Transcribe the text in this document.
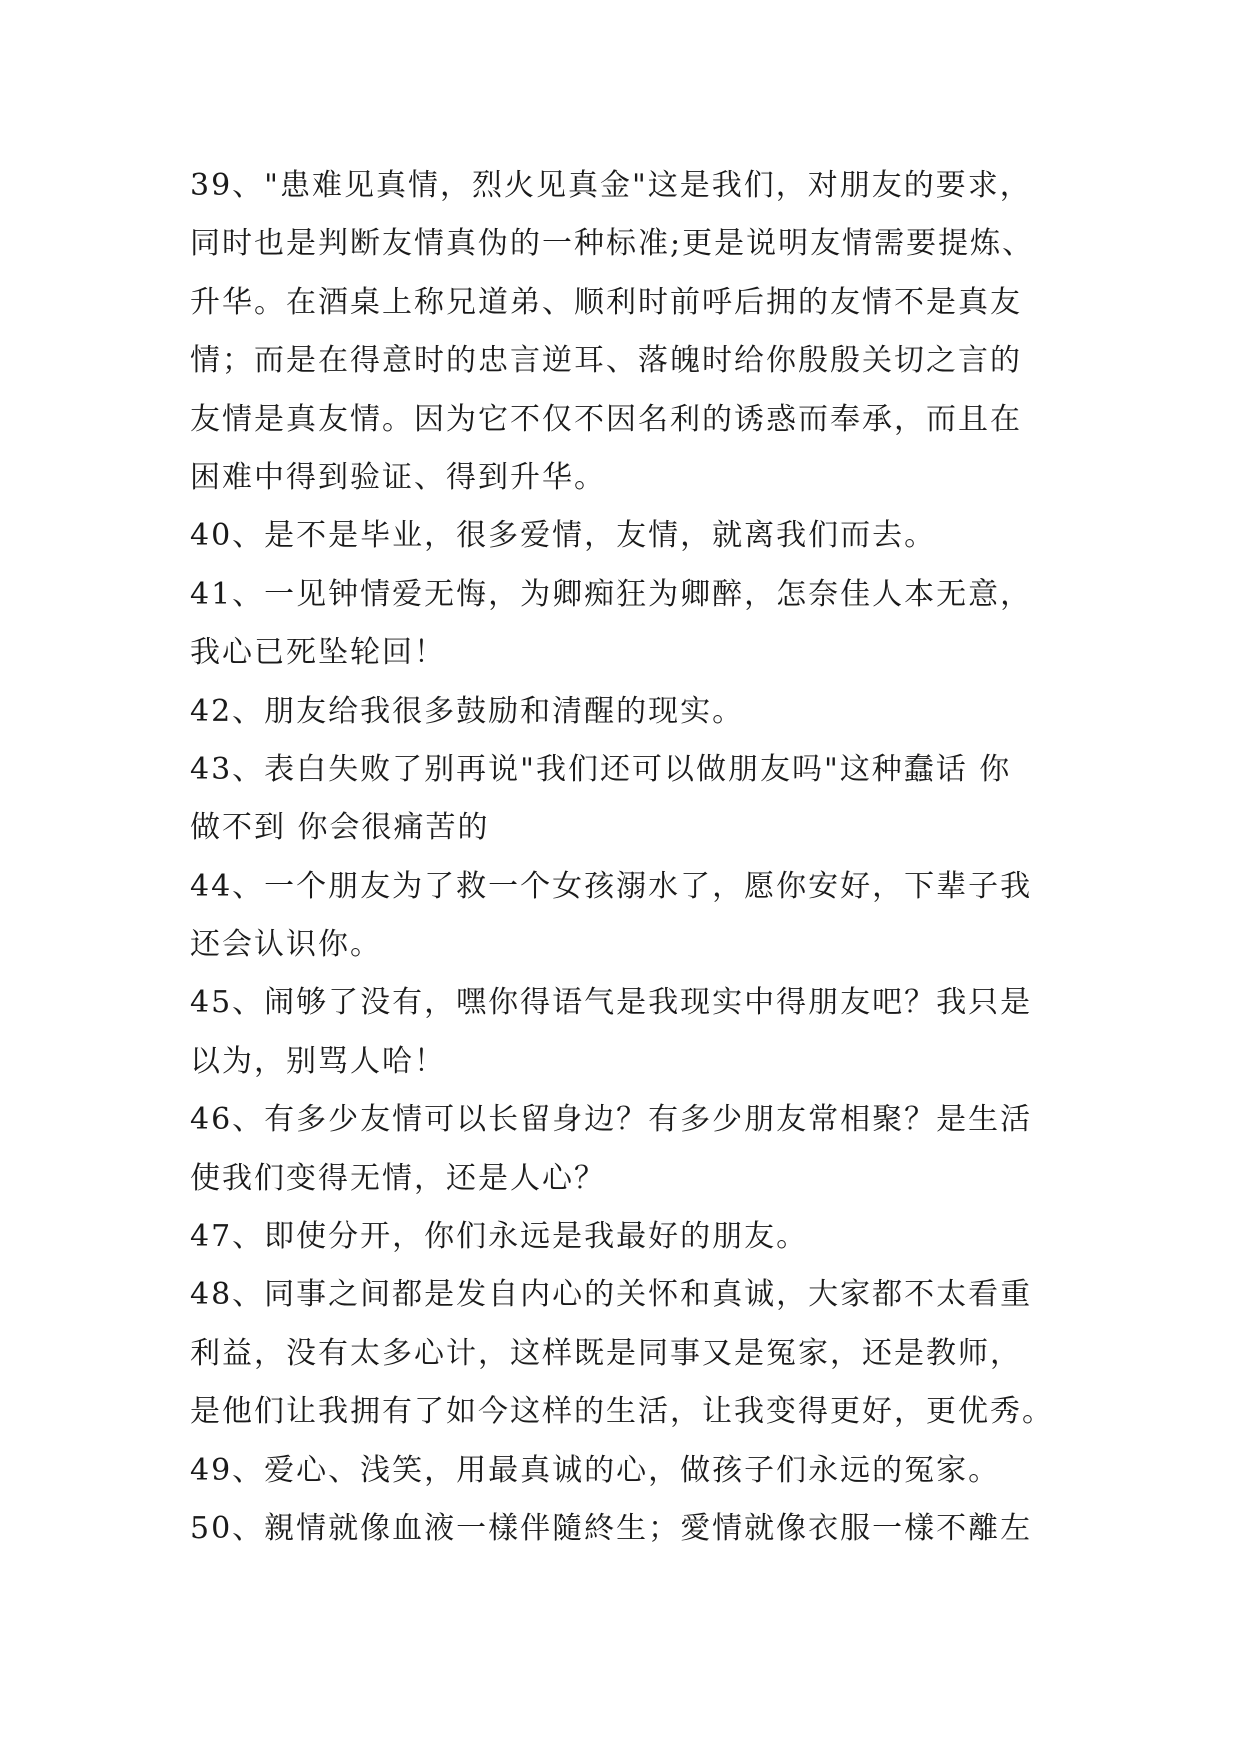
39、"患难见真情，烈火见真金"这是我们，对朋友的要求，
同时也是判断友情真伪的一种标准;更是说明友情需要提炼、
升华。在酒桌上称兄道弟、顺利时前呼后拥的友情不是真友
情；而是在得意时的忠言逆耳、落魄时给你殷殷关切之言的
友情是真友情。因为它不仅不因名利的诱惑而奉承，而且在
困难中得到验证、得到升华。
40、是不是毕业，很多爱情，友情，就离我们而去。
41、一见钟情爱无悔，为卿痴狂为卿醉，怎奈佳人本无意，
我心已死坠轮回！
42、朋友给我很多鼓励和清醒的现实。
43、表白失败了别再说"我们还可以做朋友吗"这种蠢话 你
做不到 你会很痛苦的
44、一个朋友为了救一个女孩溺水了，愿你安好，下辈子我
还会认识你。
45、闹够了没有，嘿你得语气是我现实中得朋友吧？我只是
以为，别骂人哈！
46、有多少友情可以长留身边？有多少朋友常相聚？是生活
使我们变得无情，还是人心？
47、即使分开，你们永远是我最好的朋友。
48、同事之间都是发自内心的关怀和真诚，大家都不太看重
利益，没有太多心计，这样既是同事又是冤家，还是教师，
是他们让我拥有了如今这样的生活，让我变得更好，更优秀。
49、爱心、浅笑，用最真诚的心，做孩子们永远的冤家。
50、親情就像血液一樣伴隨終生；愛情就像衣服一樣不離左
